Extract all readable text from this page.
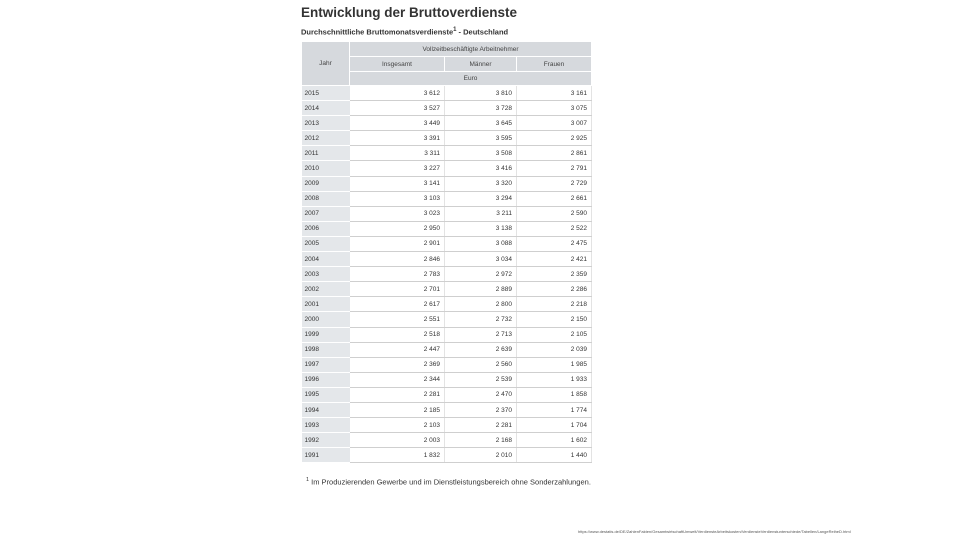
Entwicklung der Bruttoverdienste
Durchschnittliche Bruttomonatsverdienste$^1$ - Deutschland
Jahr	Vollzeitbeschäftigte Arbeitnehmer		
	Insgesamt	Männer	Frauen
	Euro		
2015	3 612	3 810	3 161
2014	3 527	3 728	3 075
2013	3 449	3 645	3 007
2012	3 391	3 595	2 925
2011	3 311	3 508	2 861
2010	3 227	3 416	2 791
2009	3 141	3 320	2 729
2008	3 103	3 294	2 661
2007	3 023	3 211	2 590
2006	2 950	3 138	2 522
2005	2 901	3 088	2 475
2004	2 846	3 034	2 421
2003	2 783	2 972	2 359
2002	2 701	2 889	2 286
2001	2 617	2 800	2 218
2000	2 551	2 732	2 150
1999	2 518	2 713	2 105
1998	2 447	2 639	2 039
1997	2 369	2 560	1 985
1996	2 344	2 539	1 933
1995	2 281	2 470	1 858
1994	2 185	2 370	1 774
1993	2 103	2 281	1 704
1992	2 003	2 168	1 602
1991	1 832	2 010	1 440
$^1$ Im Produzierenden Gewerbe und im Dienstleistungsbereich ohne Sonderzahlungen.
https://www.destatis.de/DE/ZahlenFakten/GesamtwirtschaftUmwelt/VerdiensteArbeitskosten/VerdiensteVerdienstunterschiede/Tabellen/LangeReiheD.html
